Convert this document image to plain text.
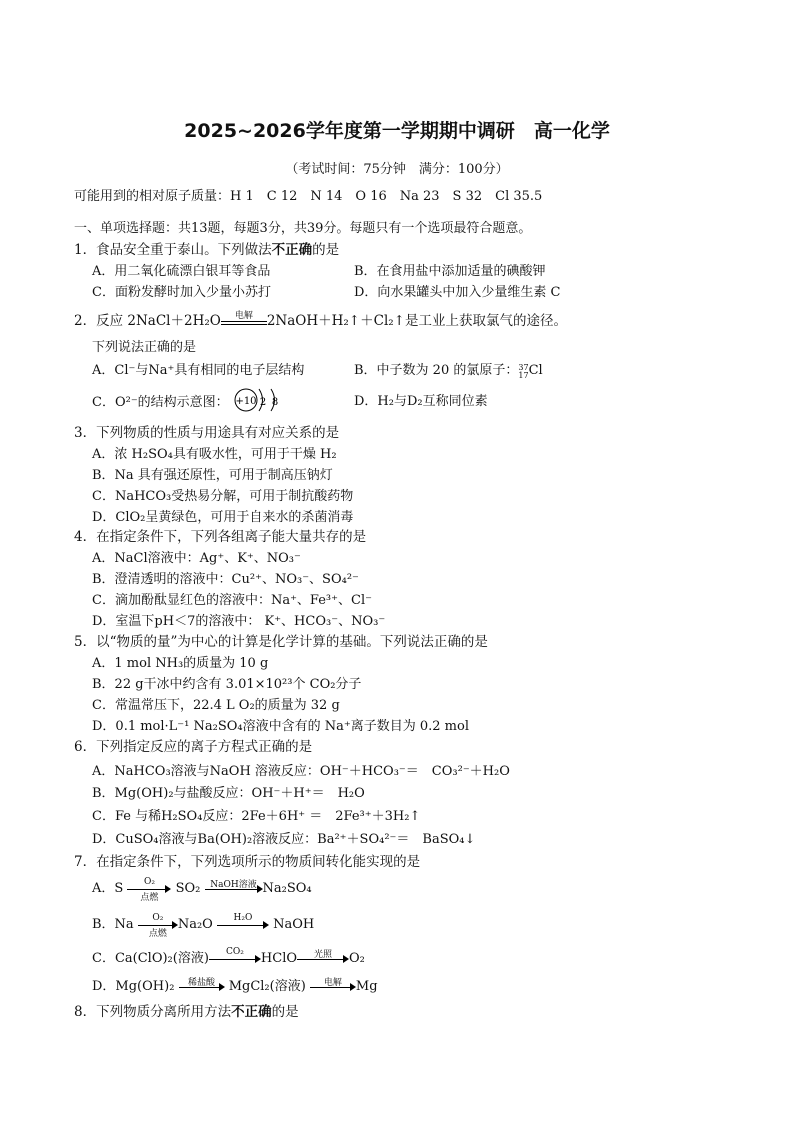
2025~2026学年度第一学期期中调研　高一化学
（考试时间：75分钟　满分：100分）
可能用到的相对原子质量：H 1　C 12　N 14　O 16　Na 23　S 32　Cl 35.5
一、单项选择题：共13题，每题3分，共39分。每题只有一个选项最符合题意。
1．食品安全重于泰山。下列做法不正确的是
A．用二氧化硫漂白银耳等食品	B．在食用盐中添加适量的碘酸钾
C．面粉发酵时加入少量小苏打	D．向水果罐头中加入少量维生素 C
2．反应 2NaCl＋2H₂O	电解	2NaOH＋H₂↑＋Cl₂↑是工业上获取氯气的途径。
下列说法正确的是
A．Cl⁻与Na⁺具有相同的电子层结构	B．中子数为 20 的氯原子：37
17Cl
C．O²⁻的结构示意图： +10 2 8	D．H₂与D₂互称同位素
3．下列物质的性质与用途具有对应关系的是
A．浓 H₂SO₄具有吸水性，可用于干燥 H₂
B．Na 具有强还原性，可用于制高压钠灯
C．NaHCO₃受热易分解，可用于制抗酸药物
D．ClO₂呈黄绿色，可用于自来水的杀菌消毒
4．在指定条件下，下列各组离子能大量共存的是
A．NaCl溶液中：Ag⁺、K⁺、NO₃⁻
B．澄清透明的溶液中：Cu²⁺、NO₃⁻、SO₄²⁻
C．滴加酚酞显红色的溶液中：Na⁺、Fe³⁺、Cl⁻
D．室温下pH＜7的溶液中： K⁺、HCO₃⁻、NO₃⁻
5．以“物质的量”为中心的计算是化学计算的基础。下列说法正确的是
A．1 mol NH₃的质量为 10 g
B．22 g干冰中约含有 3.01×10²³个 CO₂分子
C．常温常压下，22.4 L O₂的质量为 32 g
D．0.1 mol·L⁻¹ Na₂SO₄溶液中含有的 Na⁺离子数目为 0.2 mol
6．下列指定反应的离子方程式正确的是
A．NaHCO₃溶液与NaOH 溶液反应：OH⁻＋HCO₃⁻＝　CO₃²⁻＋H₂O
B．Mg(OH)₂与盐酸反应：OH⁻＋H⁺＝　H₂O
C．Fe 与稀H₂SO₄反应：2Fe＋6H⁺ ＝　2Fe³⁺＋3H₂↑
D．CuSO₄溶液与Ba(OH)₂溶液反应：Ba²⁺＋SO₄²⁻＝　BaSO₄↓
7．在指定条件下，下列选项所示的物质间转化能实现的是
A．S	O₂
点燃
SO₂	NaOH溶液 Na₂SO₄
B．Na	O₂
点燃
Na₂O	H₂O	NaOH
C．Ca(ClO)₂(溶液)	CO₂	HClO	光照	O₂
D．Mg(OH)₂	稀盐酸	MgCl₂(溶液)	电解	Mg
8．下列物质分离所用方法不正确的是
